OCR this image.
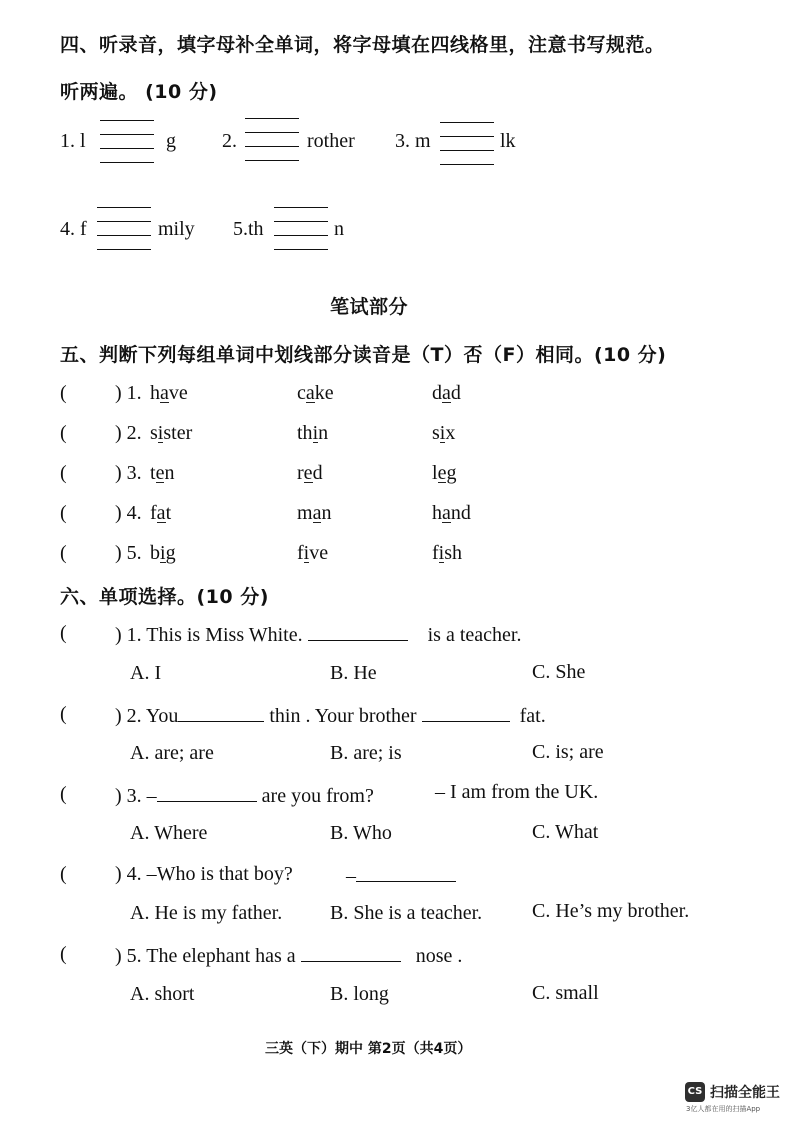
四、听录音，填字母补全单词，将字母填在四线格里，注意书写规范。
听两遍。 (10 分)
1. l	g 2.	rother 3. m	lk
4. f	mily 5.th	n
笔试部分
五、判断下列每组单词中划线部分读音是（T）否（F）相同。(10 分)
( ) 1. have	cake	dad
( ) 2. sister	thin	six
( ) 3. ten	red	leg
( ) 4. fat	man	hand
( ) 5. big	five	fish
六、单项选择。(10 分)
( ) 1. This is Miss White.	is a teacher.
A. I	B. He	C. She
( ) 2. You	thin . Your brother	fat.
A. are; are	B. are; is	C. is; are
( ) 3. –	are you from?	– I am from the UK.
A. Where	B. Who	C. What
( ) 4. –Who is that boy?	–
A. He is my father. B. She is a teacher. C. He’s my brother.
( ) 5. The elephant has a	nose .
A. short	B. long	C. small
三英（下）期中 第2页（共4页）
CS 扫描全能王
3亿人都在用的扫描App
